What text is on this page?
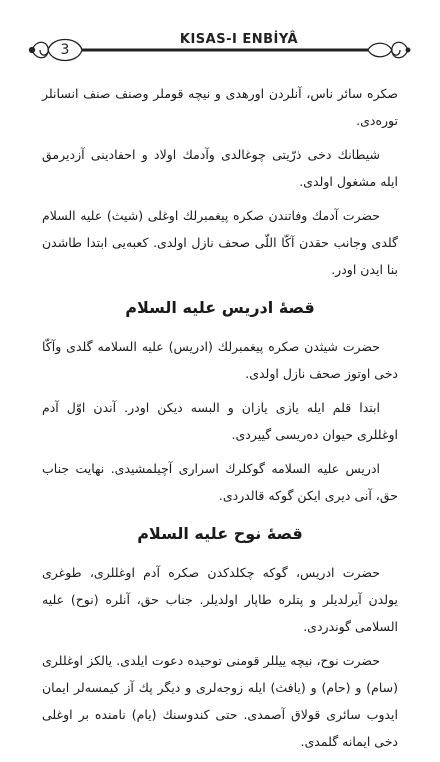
3
KISAS-I ENBİYÂ

صکره سائر ناس، آنلردن اورهدی و نیچه قوملر وصنف صنف انسانلر توره‌دی.

شیطانك دخی ذرّیتی چوغالدی وآدمك اولاد و احفادینی آزدیرمق ایله مشغول اولدی.

حضرت آدمك وفاتندن صکره پیغمبرلك اوغلی (شیث) علیه السلام گلدی وجانب حقدن آکّا اللّی صحف نازل اولدی. کعبه‌یی ابتدا طاشدن بنا ایدن اودر.

قصهٔ ادریس علیه السلام

حضرت شیثدن صکره پیغمبرلك (ادریس) علیه السلامه گلدی وآکّا دخی اوتوز صحف نازل اولدی.

ابتدا قلم ایله یازی یازان و البسه دیکن اودر. آندن اوّل آدم اوغللری حیوان دەریسی گییردی.

ادریس علیه السلامه گوکلرك اسراری آچیلمشیدی. نهایت جناب حق، آنی دیری ایکن گوکه قالدردی.

قصهٔ نوح علیه السلام

حضرت ادریس، گوکه چکلدکدن صکره آدم اوغللری، طوغری یولدن آیرلدیلر و پتلره طاپار اولدیلر. جناب حق، آنلره (نوح) علیه السلامی گوندردی.

حضرت نوح، نیچه ییللر قومنی توحیده دعوت ایلدی. یالکز اوغللری (سام) و (حام) و (یافث) ایله زوجه‌لری و دیگر پك آز کیمسه‌لر ایمان ایدوب سائری قولاق آصمدی. حتی کندوسنك (یام) نامنده بر اوغلی دخی ایمانه گلمدی.
